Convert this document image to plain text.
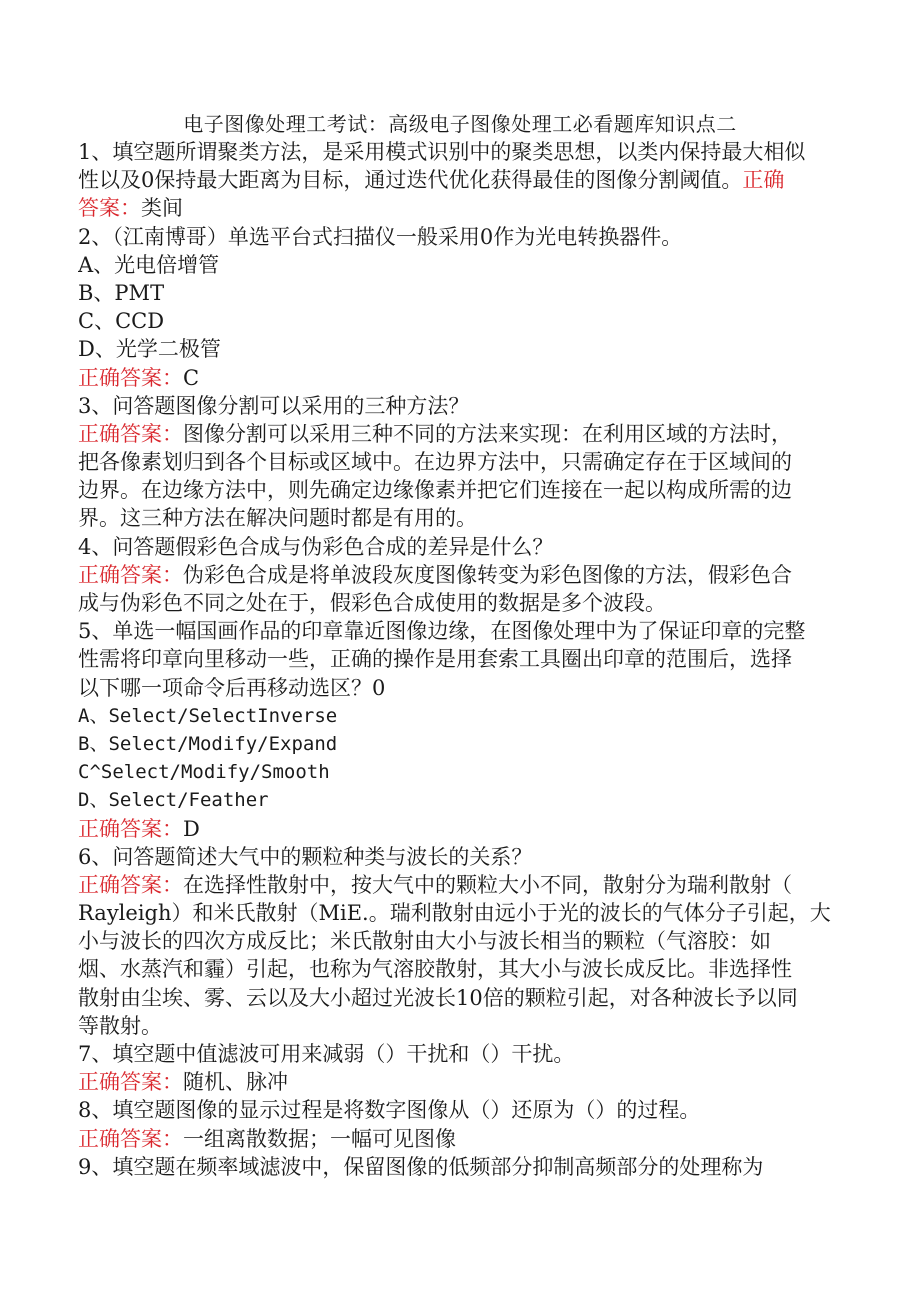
电子图像处理工考试：高级电子图像处理工必看题库知识点二
1、填空题所谓聚类方法，是采用模式识别中的聚类思想，以类内保持最大相似
性以及0保持最大距离为目标，通过迭代优化获得最佳的图像分割阈值。正确
答案：类间
2、（江南博哥）单选平台式扫描仪一般采用0作为光电转换器件。
A、光电倍增管
B、PMT
C、CCD
D、光学二极管
正确答案：C
3、问答题图像分割可以采用的三种方法？
正确答案：图像分割可以采用三种不同的方法来实现：在利用区域的方法时，
把各像素划归到各个目标或区域中。在边界方法中，只需确定存在于区域间的
边界。在边缘方法中，则先确定边缘像素并把它们连接在一起以构成所需的边
界。这三种方法在解决问题时都是有用的。
4、问答题假彩色合成与伪彩色合成的差异是什么？
正确答案：伪彩色合成是将单波段灰度图像转变为彩色图像的方法，假彩色合
成与伪彩色不同之处在于，假彩色合成使用的数据是多个波段。
5、单选一幅国画作品的印章靠近图像边缘，在图像处理中为了保证印章的完整
性需将印章向里移动一些，正确的操作是用套索工具圈出印章的范围后，选择
以下哪一项命令后再移动选区？0
A、Select/SelectInverse
B、Select/Modify/Expand
C^Select/Modify/Smooth
D、Select/Feather
正确答案：D
6、问答题简述大气中的颗粒种类与波长的关系？
正确答案：在选择性散射中，按大气中的颗粒大小不同，散射分为瑞利散射（
Rayleigh）和米氏散射（MiE.。瑞利散射由远小于光的波长的气体分子引起，大
小与波长的四次方成反比；米氏散射由大小与波长相当的颗粒（气溶胶：如
烟、水蒸汽和霾）引起，也称为气溶胶散射，其大小与波长成反比。非选择性
散射由尘埃、雾、云以及大小超过光波长10倍的颗粒引起，对各种波长予以同
等散射。
7、填空题中值滤波可用来减弱（）干扰和（）干扰。
正确答案：随机、脉冲
8、填空题图像的显示过程是将数字图像从（）还原为（）的过程。
正确答案：一组离散数据；一幅可见图像
9、填空题在频率域滤波中，保留图像的低频部分抑制高频部分的处理称为
